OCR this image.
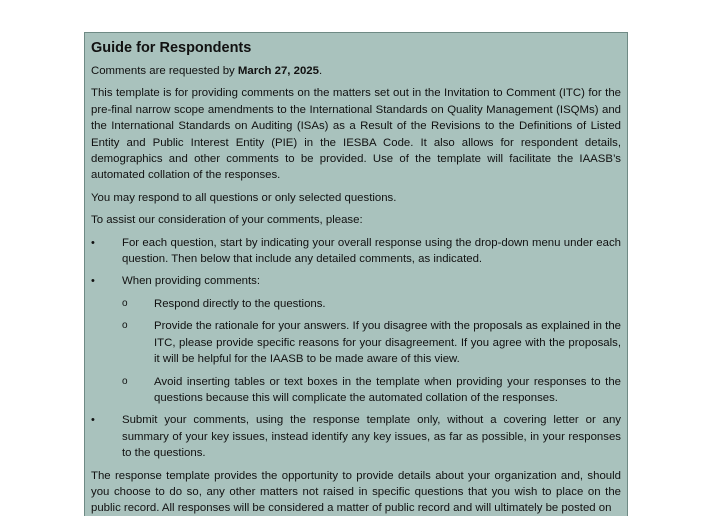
Guide for Respondents

Comments are requested by March 27, 2025.

This template is for providing comments on the matters set out in the Invitation to Comment (ITC) for the pre-final narrow scope amendments to the International Standards on Quality Management (ISQMs) and the International Standards on Auditing (ISAs) as a Result of the Revisions to the Definitions of Listed Entity and Public Interest Entity (PIE) in the IESBA Code. It also allows for respondent details, demographics and other comments to be provided. Use of the template will facilitate the IAASB’s automated collation of the responses.

You may respond to all questions or only selected questions.

To assist our consideration of your comments, please:

• For each question, start by indicating your overall response using the drop-down menu under each question. Then below that include any detailed comments, as indicated.
• When providing comments:
o Respond directly to the questions.
o Provide the rationale for your answers. If you disagree with the proposals as explained in the ITC, please provide specific reasons for your disagreement. If you agree with the proposals, it will be helpful for the IAASB to be made aware of this view.
o Avoid inserting tables or text boxes in the template when providing your responses to the questions because this will complicate the automated collation of the responses.
• Submit your comments, using the response template only, without a covering letter or any summary of your key issues, instead identify any key issues, as far as possible, in your responses to the questions.

The response template provides the opportunity to provide details about your organization and, should you choose to do so, any other matters not raised in specific questions that you wish to place on the public record. All responses will be considered a matter of public record and will ultimately be posted on
